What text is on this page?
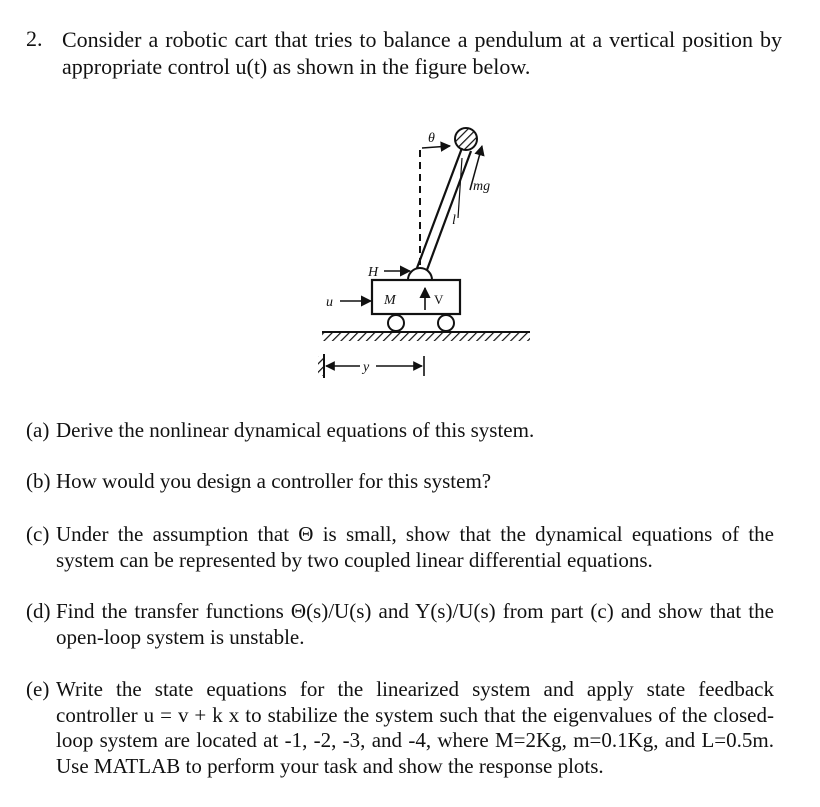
2. Consider a robotic cart that tries to balance a pendulum at a vertical position by appropriate control u(t) as shown in the figure below.
θ
mg
l
H
u	M	V
y
(a) Derive the nonlinear dynamical equations of this system.
(b) How would you design a controller for this system?
(c) Under the assumption that Θ is small, show that the dynamical equations of the system can be represented by two coupled linear differential equations.
(d) Find the transfer functions Θ(s)/U(s) and Y(s)/U(s) from part (c) and show that the open-loop system is unstable.
(e) Write the state equations for the linearized system and apply state feedback controller u = v + k x to stabilize the system such that the eigenvalues of the closed-loop system are located at -1, -2, -3, and -4, where M=2Kg, m=0.1Kg, and L=0.5m. Use MATLAB to perform your task and show the response plots.
